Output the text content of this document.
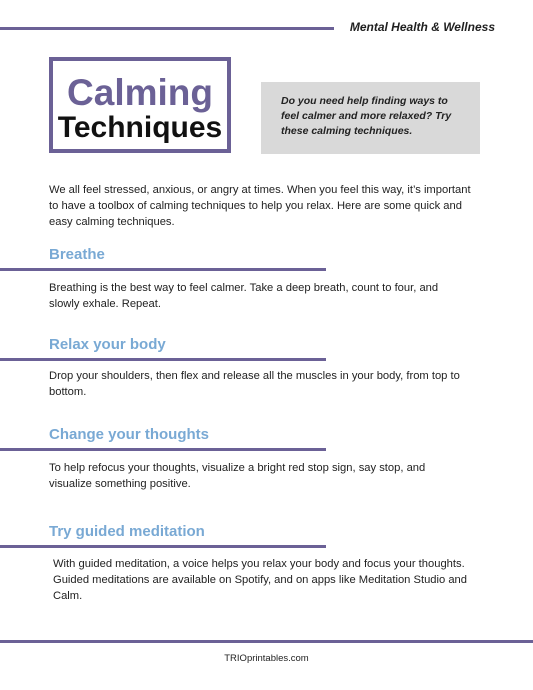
Mental Health & Wellness
Calming
Techniques
Do you need help finding ways to feel calmer and more relaxed? Try these calming techniques.
We all feel stressed, anxious, or angry at times. When you feel this way, it’s important to have a toolbox of calming techniques to help you relax. Here are some quick and easy calming techniques.
Breathe
Breathing is the best way to feel calmer. Take a deep breath, count to four, and slowly exhale. Repeat.
Relax your body
Drop your shoulders, then flex and release all the muscles in your body, from top to bottom.
Change your thoughts
To help refocus your thoughts, visualize a bright red stop sign, say stop, and visualize something positive.
Try guided meditation
With guided meditation, a voice helps you relax your body and focus your thoughts. Guided meditations are available on Spotify, and on apps like Meditation Studio and Calm.
TRIOprintables.com
